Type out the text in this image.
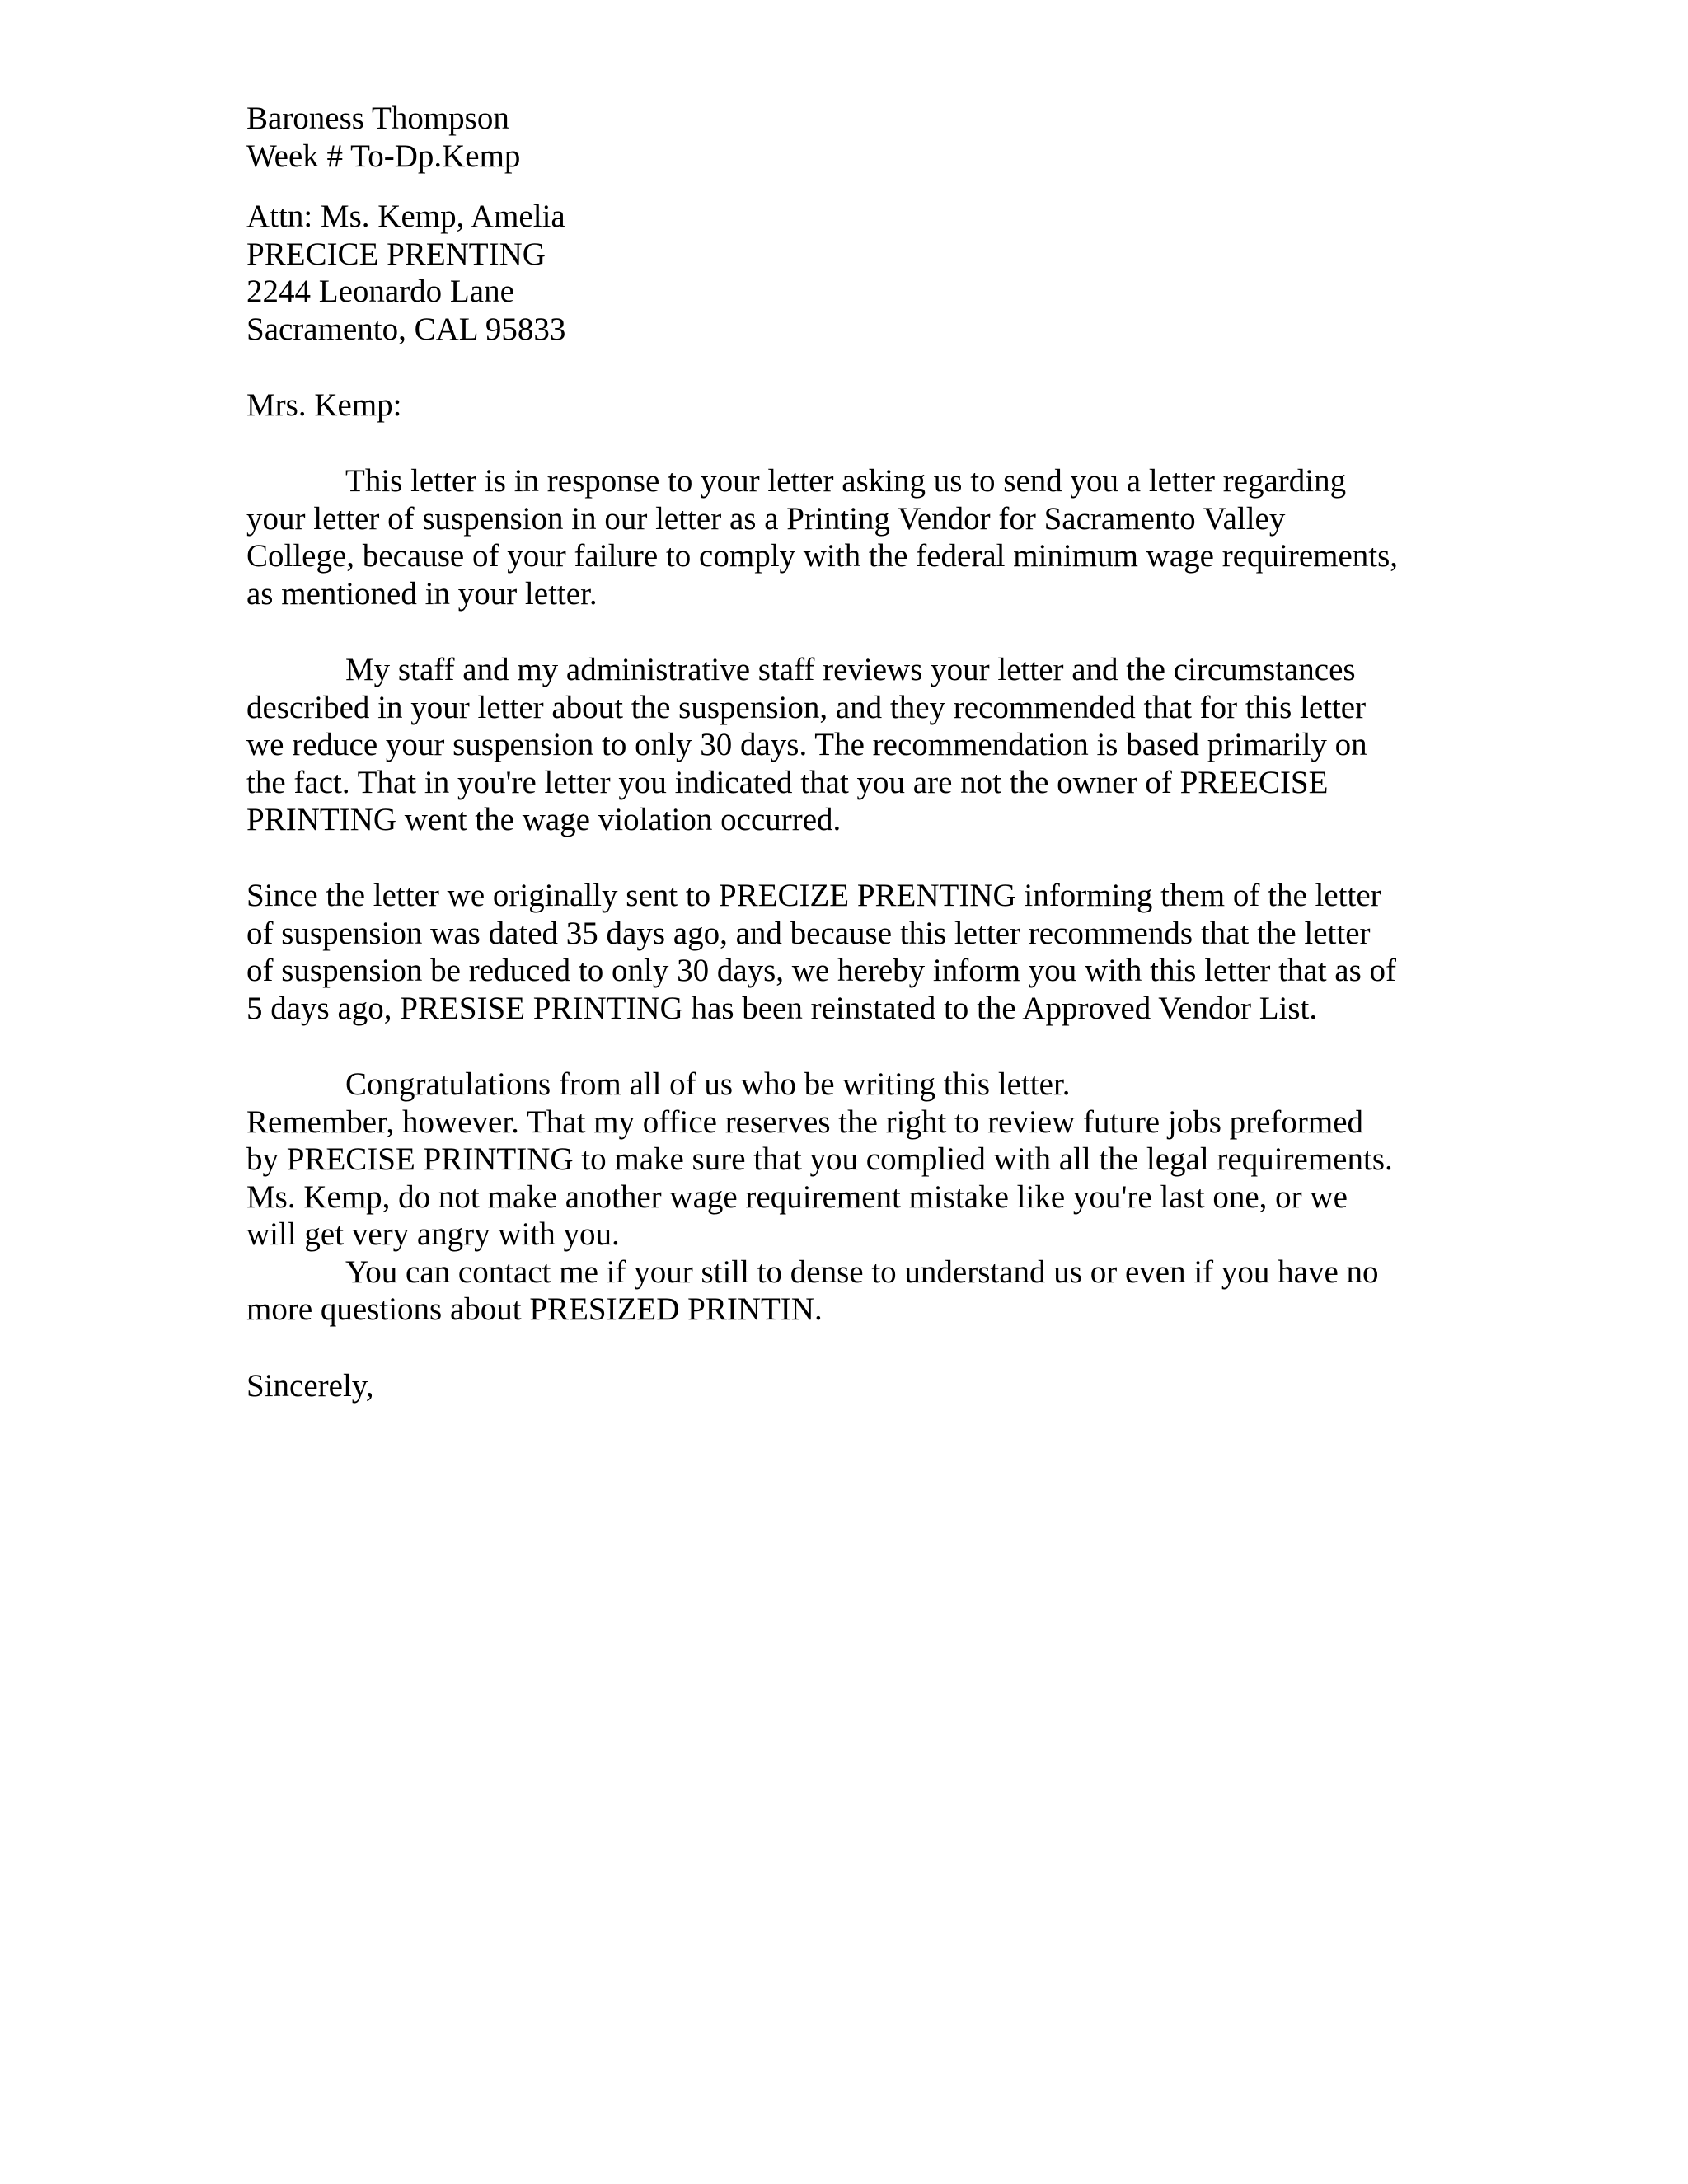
Baroness Thompson
Week # To-Dp.Kemp
Attn: Ms. Kemp, Amelia
PRECICE PRENTING
2244 Leonardo Lane
Sacramento, CAL 95833
Mrs. Kemp:
This letter is in response to your letter asking us to send you a letter regarding
your letter of suspension in our letter as a Printing Vendor for Sacramento Valley
College, because of your failure to comply with the federal minimum wage requirements,
as mentioned in your letter.
My staff and my administrative staff reviews your letter and the circumstances
described in your letter about the suspension, and they recommended that for this letter
we reduce your suspension to only 30 days. The recommendation is based primarily on
the fact. That in you're letter you indicated that you are not the owner of PREECISE
PRINTING went the wage violation occurred.
Since the letter we originally sent to PRECIZE PRENTING informing them of the letter
of suspension was dated 35 days ago, and because this letter recommends that the letter
of suspension be reduced to only 30 days, we hereby inform you with this letter that as of
5 days ago, PRESISE PRINTING has been reinstated to the Approved Vendor List.
Congratulations from all of us who be writing this letter.
Remember, however. That my office reserves the right to review future jobs preformed
by PRECISE PRINTING to make sure that you complied with all the legal requirements.
Ms. Kemp, do not make another wage requirement mistake like you're last one, or we
will get very angry with you.
You can contact me if your still to dense to understand us or even if you have no
more questions about PRESIZED PRINTIN.
Sincerely,
